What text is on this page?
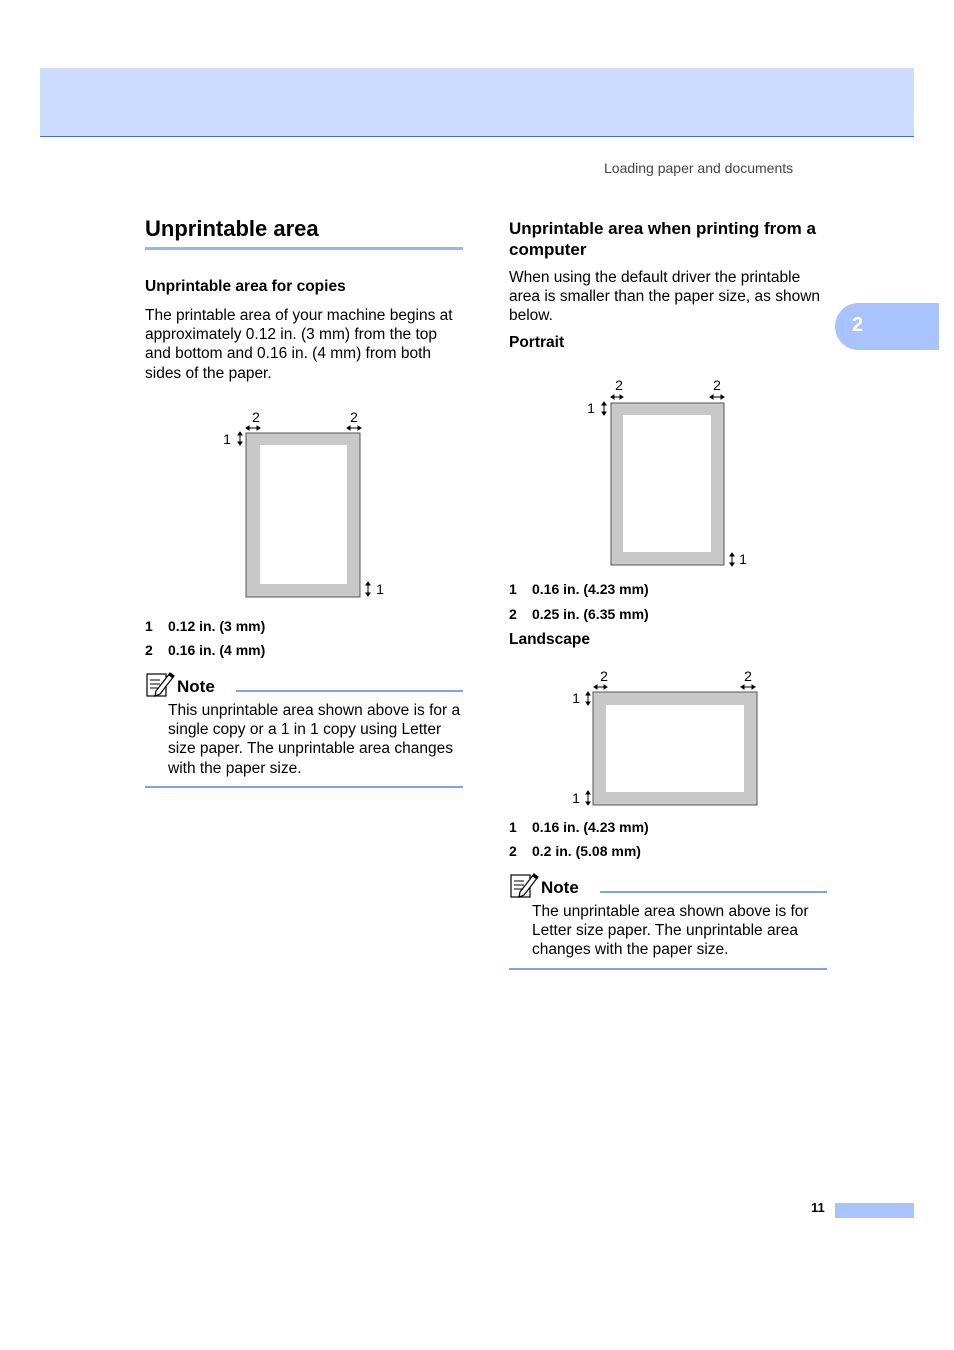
Loading paper and documents
2
Unprintable area
Unprintable area for copies

The printable area of your machine begins at approximately 0.12 in. (3 mm) from the top and bottom and 0.16 in. (4 mm) from both sides of the paper.

2	2
1
1
1 0.12 in. (3 mm)
2 0.16 in. (4 mm)
Note

This unprintable area shown above is for a single copy or a 1 in 1 copy using Letter size paper. The unprintable area changes with the paper size.

Unprintable area when printing from a computer

When using the default driver the printable area is smaller than the paper size, as shown below.

Portrait
2	2
1
1
1 0.16 in. (4.23 mm)
2 0.25 in. (6.35 mm)
Landscape
2	2
1
1
1 0.16 in. (4.23 mm)
2 0.2 in. (5.08 mm)
Note

The unprintable area shown above is for Letter size paper. The unprintable area changes with the paper size.

11
